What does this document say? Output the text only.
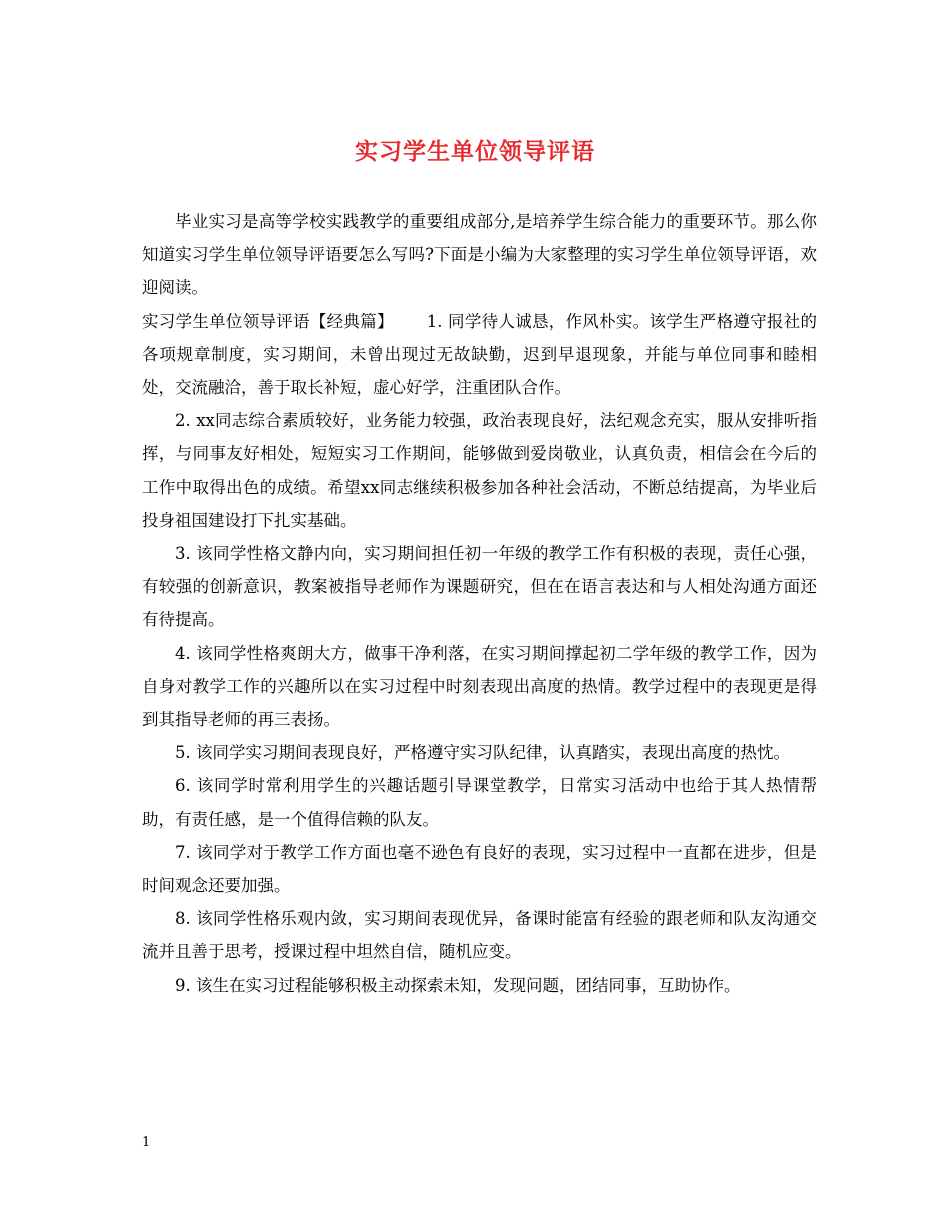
实习学生单位领导评语

毕业实习是高等学校实践教学的重要组成部分,是培养学生综合能力的重要环节。那么你知道实习学生单位领导评语要怎么写吗?下面是小编为大家整理的实习学生单位领导评语，欢迎阅读。

实习学生单位领导评语【经典篇】   1. 同学待人诚恳，作风朴实。该学生严格遵守报社的各项规章制度，实习期间，未曾出现过无故缺勤，迟到早退现象，并能与单位同事和睦相处，交流融洽，善于取长补短，虚心好学，注重团队合作。

2. xx同志综合素质较好，业务能力较强，政治表现良好，法纪观念充实，服从安排听指挥，与同事友好相处，短短实习工作期间，能够做到爱岗敬业，认真负责，相信会在今后的工作中取得出色的成绩。希望xx同志继续积极参加各种社会活动，不断总结提高，为毕业后投身祖国建设打下扎实基础。

3. 该同学性格文静内向，实习期间担任初一年级的教学工作有积极的表现，责任心强，有较强的创新意识，教案被指导老师作为课题研究，但在在语言表达和与人相处沟通方面还有待提高。

4. 该同学性格爽朗大方，做事干净利落，在实习期间撑起初二学年级的教学工作，因为自身对教学工作的兴趣所以在实习过程中时刻表现出高度的热情。教学过程中的表现更是得到其指导老师的再三表扬。

5. 该同学实习期间表现良好，严格遵守实习队纪律，认真踏实，表现出高度的热忱。

6. 该同学时常利用学生的兴趣话题引导课堂教学，日常实习活动中也给于其人热情帮助，有责任感，是一个值得信赖的队友。

7. 该同学对于教学工作方面也毫不逊色有良好的表现，实习过程中一直都在进步，但是时间观念还要加强。

8. 该同学性格乐观内敛，实习期间表现优异，备课时能富有经验的跟老师和队友沟通交流并且善于思考，授课过程中坦然自信，随机应变。

9. 该生在实习过程能够积极主动探索未知，发现问题，团结同事，互助协作。

1
